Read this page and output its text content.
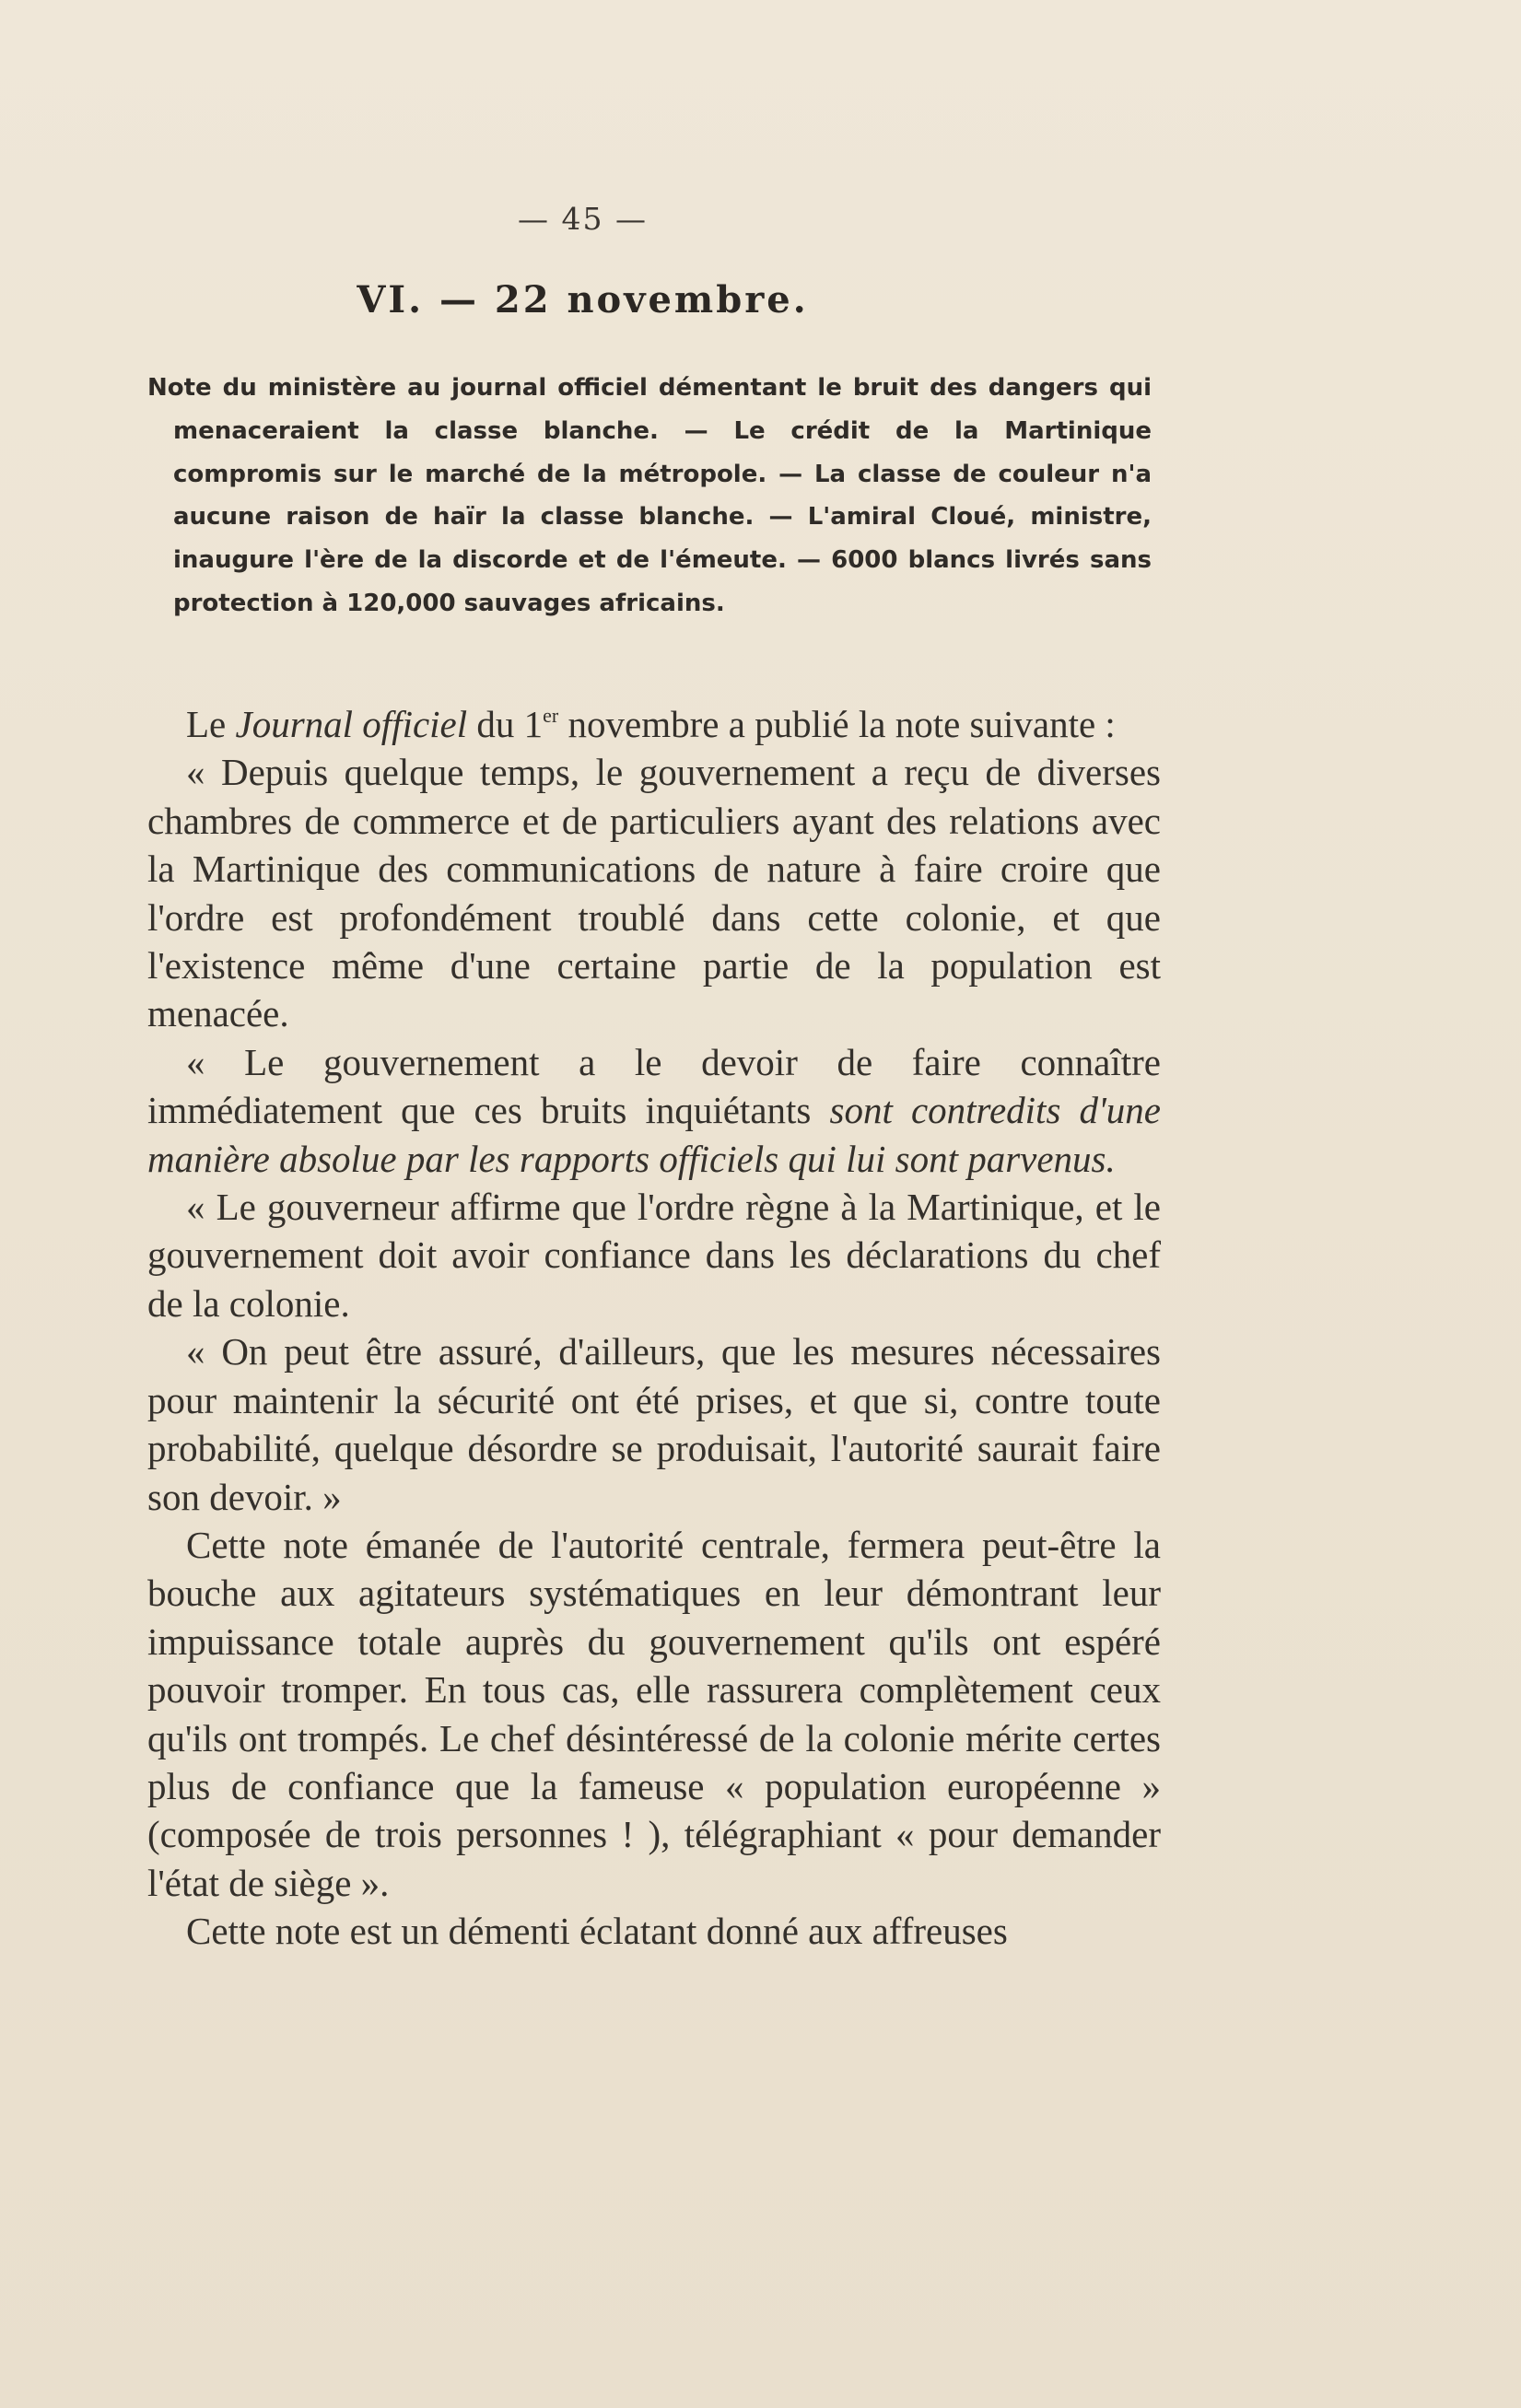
— 45 —
VI. — 22 novembre.
Note du ministère au journal officiel démentant le bruit des dangers qui menaceraient la classe blanche. — Le crédit de la Martinique compromis sur le marché de la métropole. — La classe de couleur n'a aucune raison de haïr la classe blanche. — L'amiral Cloué, ministre, inaugure l'ère de la discorde et de l'émeute. — 6000 blancs livrés sans protection à 120,000 sauvages africains.

Le Journal officiel du 1er novembre a publié la note suivante :

« Depuis quelque temps, le gouvernement a reçu de diverses chambres de commerce et de particuliers ayant des relations avec la Martinique des communications de nature à faire croire que l'ordre est profondément troublé dans cette colonie, et que l'existence même d'une certaine partie de la population est menacée.

« Le gouvernement a le devoir de faire connaître immédiatement que ces bruits inquiétants sont contredits d'une manière absolue par les rapports officiels qui lui sont parvenus.

« Le gouverneur affirme que l'ordre règne à la Martinique, et le gouvernement doit avoir confiance dans les déclarations du chef de la colonie.

« On peut être assuré, d'ailleurs, que les mesures nécessaires pour maintenir la sécurité ont été prises, et que si, contre toute probabilité, quelque désordre se produisait, l'autorité saurait faire son devoir. »

Cette note émanée de l'autorité centrale, fermera peut-être la bouche aux agitateurs systématiques en leur démontrant leur impuissance totale auprès du gouvernement qu'ils ont espéré pouvoir tromper. En tous cas, elle rassurera complètement ceux qu'ils ont trompés. Le chef désintéressé de la colonie mérite certes plus de confiance que la fameuse « population européenne » (composée de trois personnes ! ), télégraphiant « pour demander l'état de siège ».

Cette note est un démenti éclatant donné aux affreuses
